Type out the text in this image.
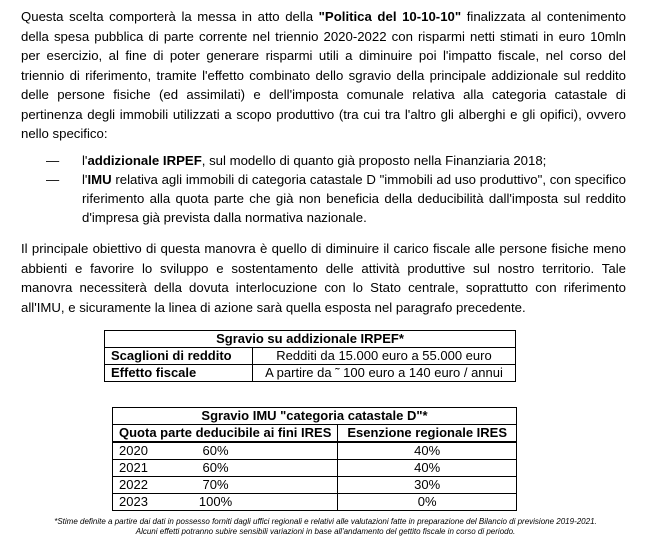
Questa scelta comporterà la messa in atto della "Politica del 10-10-10" finalizzata al contenimento della spesa pubblica di parte corrente nel triennio 2020-2022 con risparmi netti stimati in euro 10mln per esercizio, al fine di poter generare risparmi utili a diminuire poi l'impatto fiscale, nel corso del triennio di riferimento, tramite l'effetto combinato dello sgravio della principale addizionale sul reddito delle persone fisiche (ed assimilati) e dell'imposta comunale relativa alla categoria catastale di pertinenza degli immobili utilizzati a scopo produttivo (tra cui tra l'altro gli alberghi e gli opifici), ovvero nello specifico:

— l'addizionale IRPEF, sul modello di quanto già proposto nella Finanziaria 2018;
— l'IMU relativa agli immobili di categoria catastale D "immobili ad uso produttivo", con specifico riferimento alla quota parte che già non beneficia della deducibilità dall'imposta sul reddito d'impresa già prevista dalla normativa nazionale.

Il principale obiettivo di questa manovra è quello di diminuire il carico fiscale alle persone fisiche meno abbienti e favorire lo sviluppo e sostentamento delle attività produttive sul nostro territorio. Tale manovra necessiterà della dovuta interlocuzione con lo Stato centrale, soprattutto con riferimento all'IMU, e sicuramente la linea di azione sarà quella esposta nel paragrafo precedente.

Sgravio su addizionale IRPEF*	
Scaglioni di reddito	Redditi da 15.000 euro a 55.000 euro
Effetto fiscale	A partire da ˜ 100 euro a 140 euro / annui
Sgravio IMU "categoria catastale D"*	
Quota parte deducibile ai fini IRES	Esenzione regionale IRES

2020 60%	40%
2021 60%	40%
2022 70%	30%
2023 100%	0%
*Stime definite a partire dai dati in possesso forniti dagli uffici regionali e relativi alle valutazioni fatte in preparazione del Bilancio di previsione 2019-2021.
Alcuni effetti potranno subire sensibili variazioni in base all'andamento del gettito fiscale in corso di periodo.
